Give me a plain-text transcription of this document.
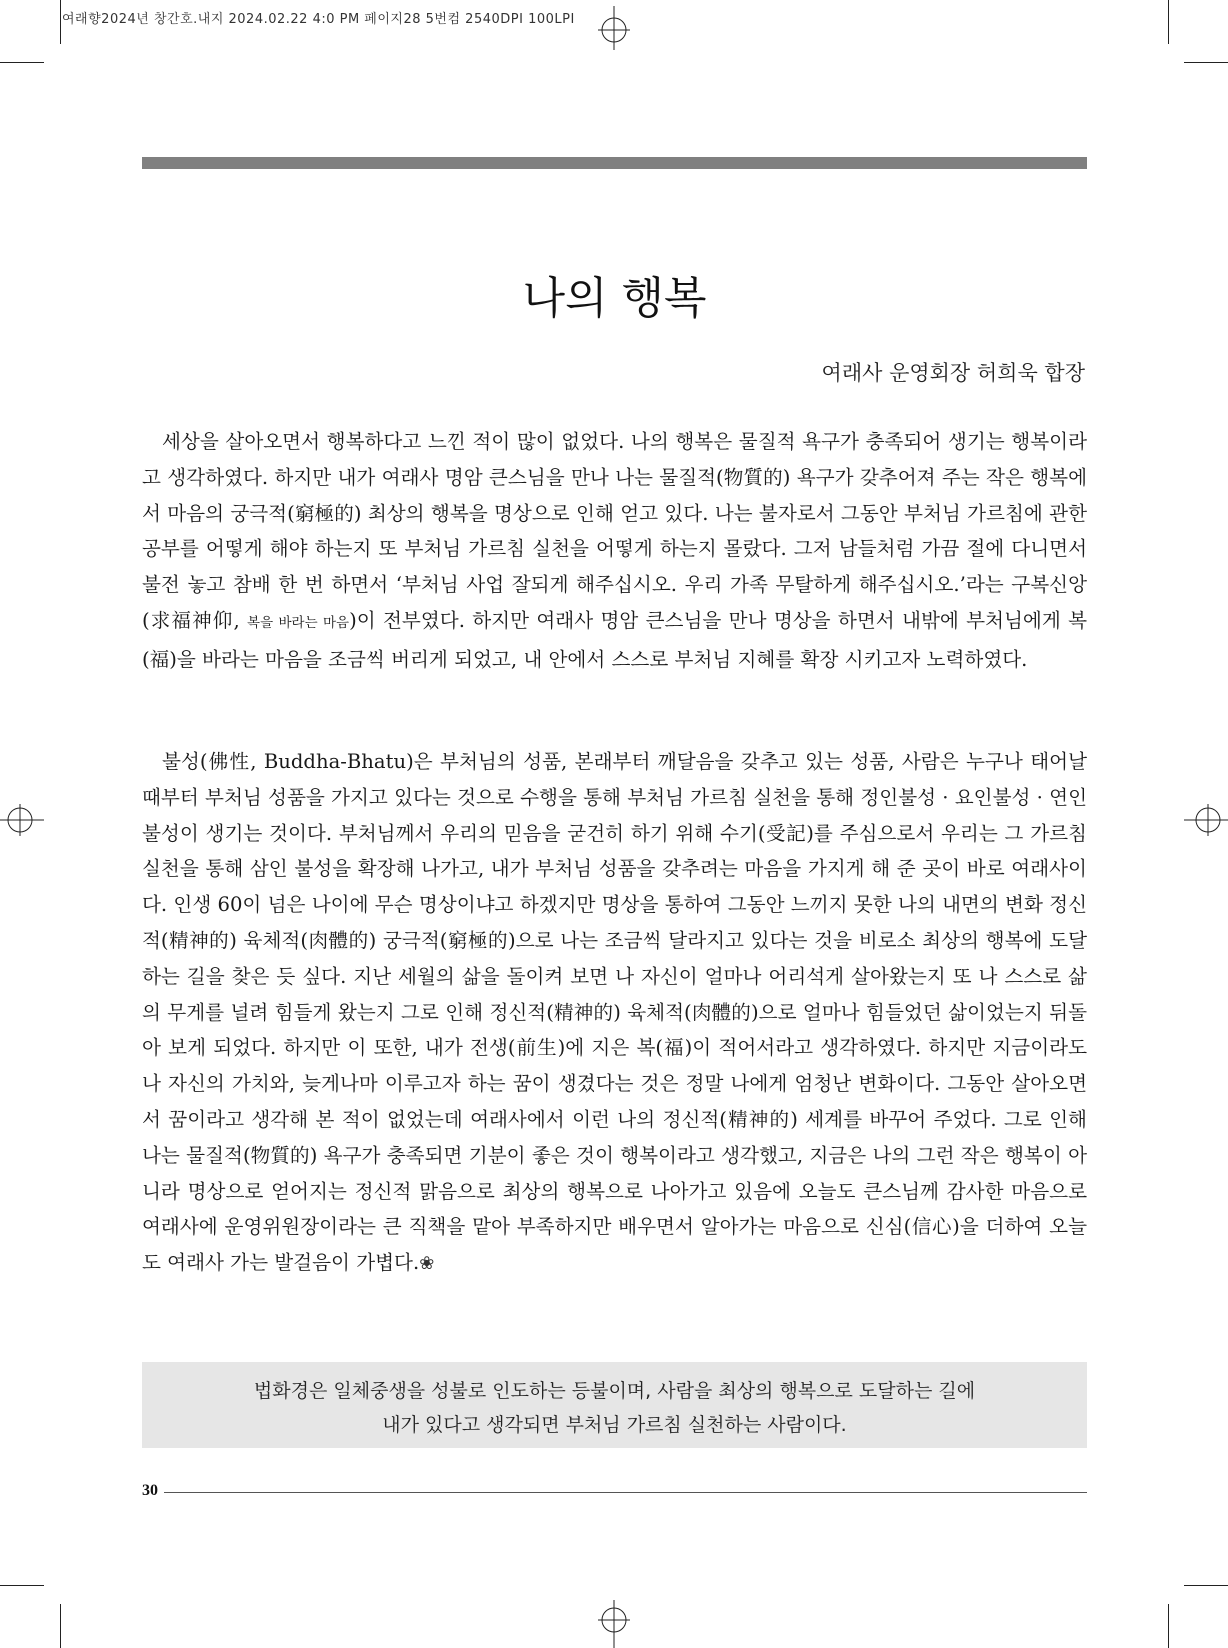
여래향2024년 창간호.내지 2024.02.22 4:0 PM 페이지28 5번컴 2540DPI 100LPI
나의 행복
여래사 운영회장 허희욱 합장

세상을 살아오면서 행복하다고 느낀 적이 많이 없었다. 나의 행복은 물질적 욕구가 충족되어 생기는 행복이라고 생각하였다. 하지만 내가 여래사 명암 큰스님을 만나 나는 물질적(物質的) 욕구가 갖추어져 주는 작은 행복에서 마음의 궁극적(窮極的) 최상의 행복을 명상으로 인해 얻고 있다. 나는 불자로서 그동안 부처님 가르침에 관한 공부를 어떻게 해야 하는지 또 부처님 가르침 실천을 어떻게 하는지 몰랐다. 그저 남들처럼 가끔 절에 다니면서 불전 놓고 참배 한 번 하면서 ‘부처님 사업 잘되게 해주십시오. 우리 가족 무탈하게 해주십시오.’라는 구복신앙(求福神仰, 복을 바라는 마음)이 전부였다. 하지만 여래사 명암 큰스님을 만나 명상을 하면서 내밖에 부처님에게 복(福)을 바라는 마음을 조금씩 버리게 되었고, 내 안에서 스스로 부처님 지혜를 확장 시키고자 노력하였다.

불성(佛性, Buddha-Bhatu)은 부처님의 성품, 본래부터 깨달음을 갖추고 있는 성품, 사람은 누구나 태어날 때부터 부처님 성품을 가지고 있다는 것으로 수행을 통해 부처님 가르침 실천을 통해 정인불성 · 요인불성 · 연인불성이 생기는 것이다. 부처님께서 우리의 믿음을 굳건히 하기 위해 수기(受記)를 주심으로서 우리는 그 가르침 실천을 통해 삼인 불성을 확장해 나가고, 내가 부처님 성품을 갖추려는 마음을 가지게 해 준 곳이 바로 여래사이다. 인생 60이 넘은 나이에 무슨 명상이냐고 하겠지만 명상을 통하여 그동안 느끼지 못한 나의 내면의 변화 정신적(精神的) 육체적(肉體的) 궁극적(窮極的)으로 나는 조금씩 달라지고 있다는 것을 비로소 최상의 행복에 도달하는 길을 찾은 듯 싶다. 지난 세월의 삶을 돌이켜 보면 나 자신이 얼마나 어리석게 살아왔는지 또 나 스스로 삶의 무게를 널려 힘들게 왔는지 그로 인해 정신적(精神的) 육체적(肉體的)으로 얼마나 힘들었던 삶이었는지 뒤돌아 보게 되었다. 하지만 이 또한, 내가 전생(前生)에 지은 복(福)이 적어서라고 생각하였다. 하지만 지금이라도 나 자신의 가치와, 늦게나마 이루고자 하는 꿈이 생겼다는 것은 정말 나에게 엄청난 변화이다. 그동안 살아오면서 꿈이라고 생각해 본 적이 없었는데 여래사에서 이런 나의 정신적(精神的) 세계를 바꾸어 주었다. 그로 인해 나는 물질적(物質的) 욕구가 충족되면 기분이 좋은 것이 행복이라고 생각했고, 지금은 나의 그런 작은 행복이 아니라 명상으로 얻어지는 정신적 맑음으로 최상의 행복으로 나아가고 있음에 오늘도 큰스님께 감사한 마음으로 여래사에 운영위원장이라는 큰 직책을 맡아 부족하지만 배우면서 알아가는 마음으로 신심(信心)을 더하여 오늘도 여래사 가는 발걸음이 가볍다.❀

법화경은 일체중생을 성불로 인도하는 등불이며, 사람을 최상의 행복으로 도달하는 길에
내가 있다고 생각되면 부처님 가르침 실천하는 사람이다.
30
